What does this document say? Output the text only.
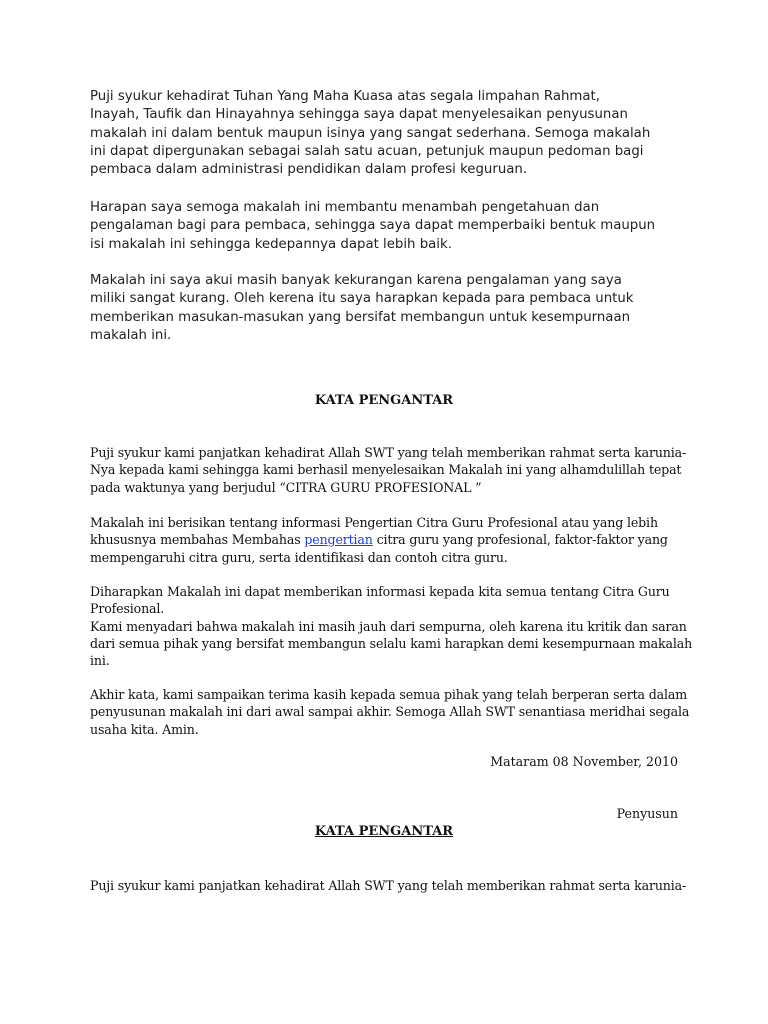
Puji syukur kehadirat Tuhan Yang Maha Kuasa atas segala limpahan Rahmat,
Inayah, Taufik dan Hinayahnya sehingga saya dapat menyelesaikan penyusunan
makalah ini dalam bentuk maupun isinya yang sangat sederhana. Semoga makalah
ini dapat dipergunakan sebagai salah satu acuan, petunjuk maupun pedoman bagi
pembaca dalam administrasi pendidikan dalam profesi keguruan.
Harapan saya semoga makalah ini membantu menambah pengetahuan dan
pengalaman bagi para pembaca, sehingga saya dapat memperbaiki bentuk maupun
isi makalah ini sehingga kedepannya dapat lebih baik.
Makalah ini saya akui masih banyak kekurangan karena pengalaman yang saya
miliki sangat kurang. Oleh kerena itu saya harapkan kepada para pembaca untuk
memberikan masukan-masukan yang bersifat membangun untuk kesempurnaan
makalah ini.
KATA PENGANTAR
Puji syukur kami panjatkan kehadirat Allah SWT yang telah memberikan rahmat serta karunia-
Nya kepada kami sehingga kami berhasil menyelesaikan Makalah ini yang alhamdulillah tepat
pada waktunya yang berjudul “CITRA GURU PROFESIONAL ”
Makalah ini berisikan tentang informasi Pengertian Citra Guru Profesional atau yang lebih
khususnya membahas Membahas pengertian citra guru yang profesional, faktor-faktor yang
mempengaruhi citra guru, serta identifikasi dan contoh citra guru.
Diharapkan Makalah ini dapat memberikan informasi kepada kita semua tentang Citra Guru
Profesional.
Kami menyadari bahwa makalah ini masih jauh dari sempurna, oleh karena itu kritik dan saran
dari semua pihak yang bersifat membangun selalu kami harapkan demi kesempurnaan makalah
ini.
Akhir kata, kami sampaikan terima kasih kepada semua pihak yang telah berperan serta dalam
penyusunan makalah ini dari awal sampai akhir. Semoga Allah SWT senantiasa meridhai segala
usaha kita. Amin.
Mataram 08 November, 2010
Penyusun
KATA PENGANTAR
Puji syukur kami panjatkan kehadirat Allah SWT yang telah memberikan rahmat serta karunia-
